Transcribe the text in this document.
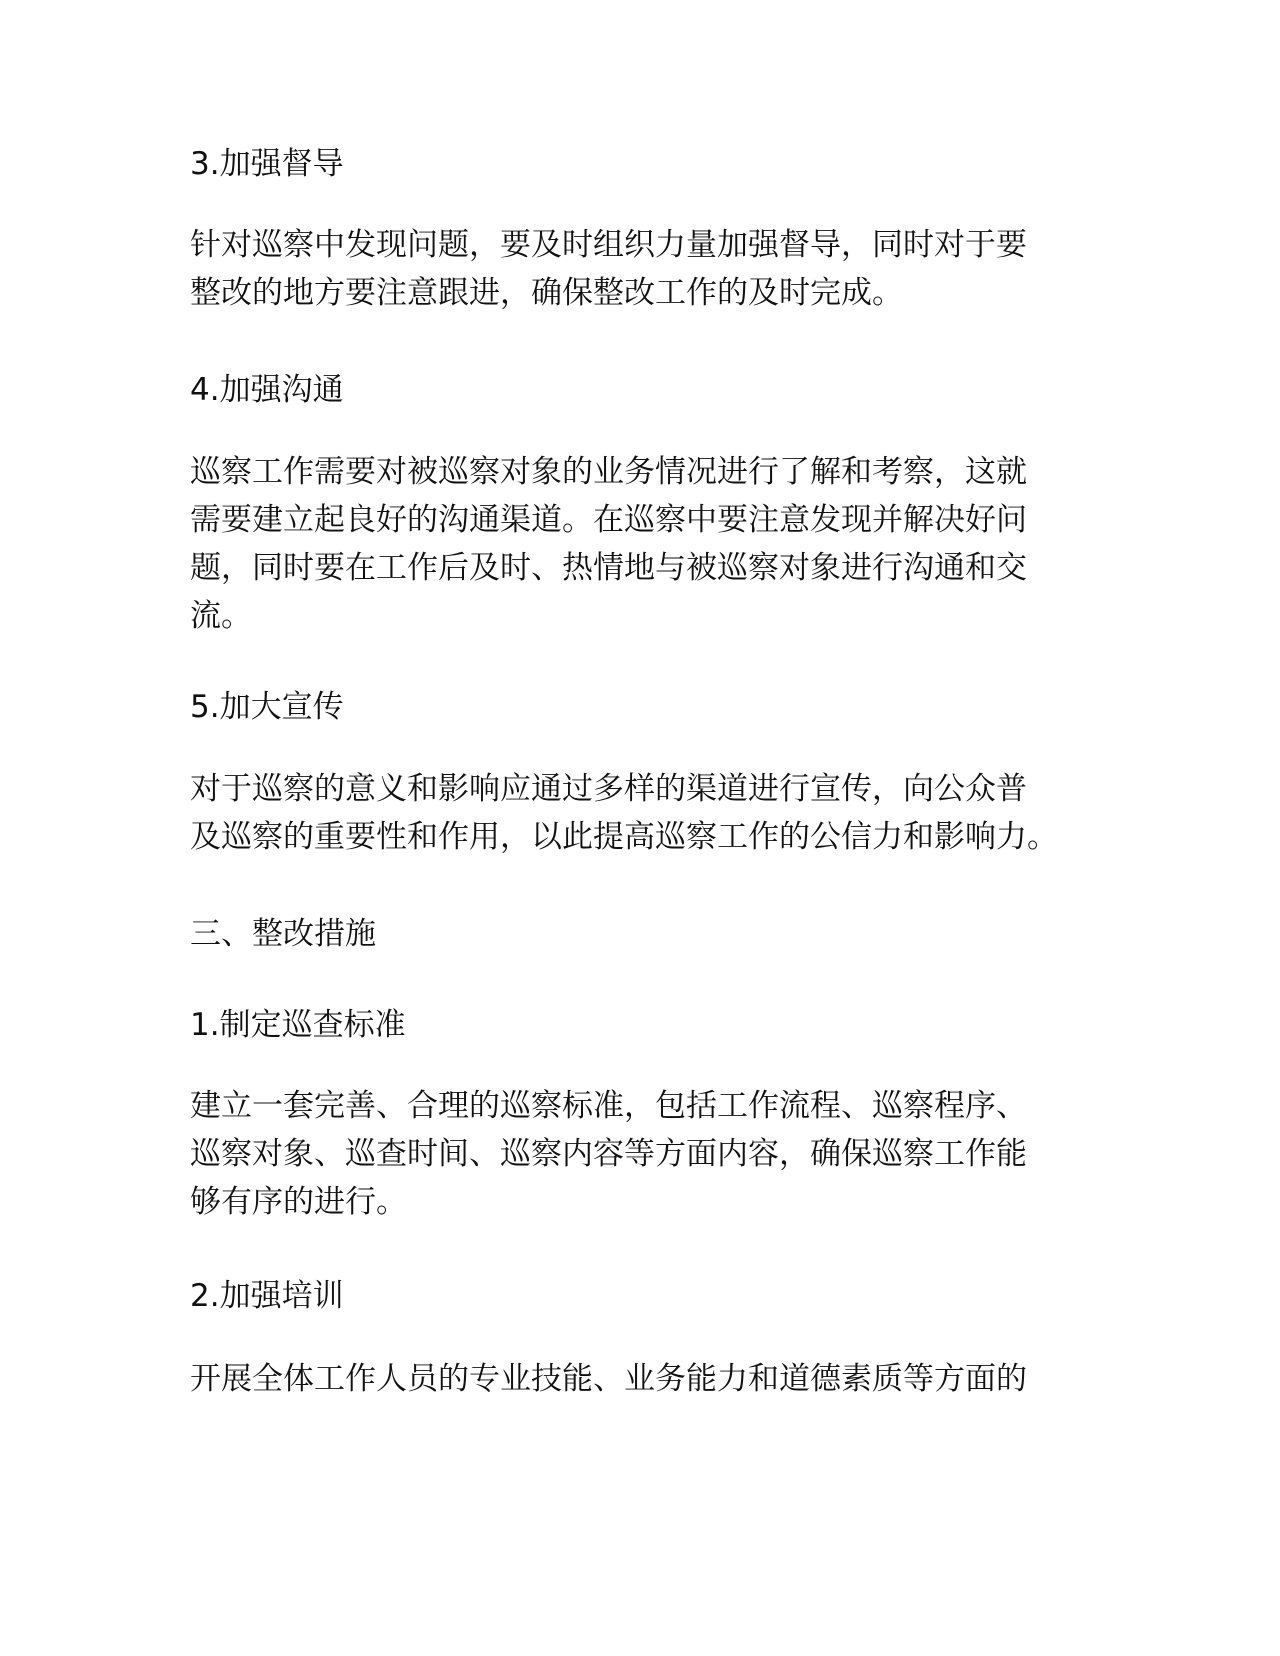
3.加强督导
针对巡察中发现问题，要及时组织力量加强督导，同时对于要
整改的地方要注意跟进，确保整改工作的及时完成。
4.加强沟通
巡察工作需要对被巡察对象的业务情况进行了解和考察，这就
需要建立起良好的沟通渠道。在巡察中要注意发现并解决好问
题，同时要在工作后及时、热情地与被巡察对象进行沟通和交
流。
5.加大宣传
对于巡察的意义和影响应通过多样的渠道进行宣传，向公众普
及巡察的重要性和作用，以此提高巡察工作的公信力和影响力。
三、整改措施
1.制定巡查标准
建立一套完善、合理的巡察标准，包括工作流程、巡察程序、
巡察对象、巡查时间、巡察内容等方面内容，确保巡察工作能
够有序的进行。
2.加强培训
开展全体工作人员的专业技能、业务能力和道德素质等方面的
